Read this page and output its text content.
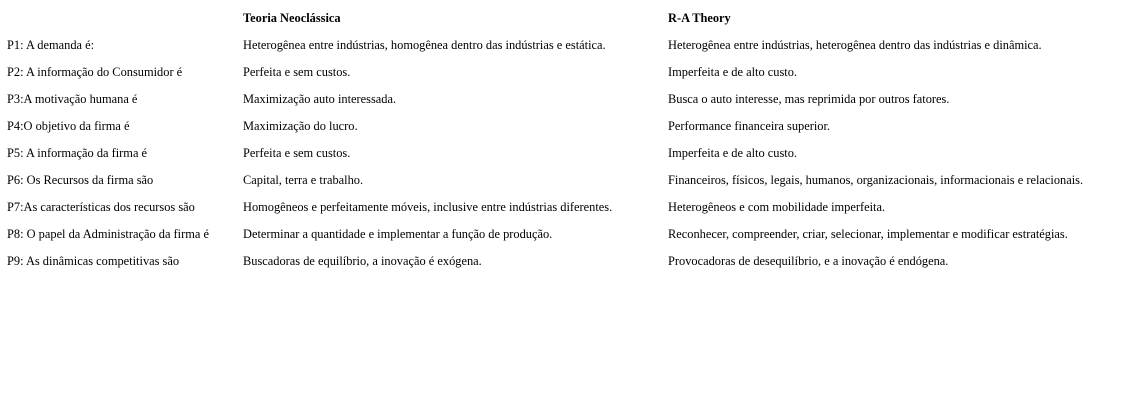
	Teoria Neoclássica	R-A Theory
P1: A demanda é:	Heterogênea entre indústrias, homogênea dentro das indústrias e estática.	Heterogênea entre indústrias, heterogênea dentro das indústrias e dinâmica.
P2: A informação do Consumidor é	Perfeita e sem custos.	Imperfeita e de alto custo.
P3:A motivação humana é	Maximização auto interessada.	Busca o auto interesse, mas reprimida por outros fatores.
P4:O objetivo da firma é	Maximização do lucro.	Performance financeira superior.
P5: A informação da firma é	Perfeita e sem custos.	Imperfeita e de alto custo.
P6: Os Recursos da firma são	Capital, terra e trabalho.	Financeiros, físicos, legais, humanos, organizacionais, informacionais e relacionais.
P7:As características dos recursos são	Homogêneos e perfeitamente móveis, inclusive entre indústrias diferentes.	Heterogêneos e com mobilidade imperfeita.
P8: O papel da Administração da firma é	Determinar a quantidade e implementar a função de produção.	Reconhecer, compreender, criar, selecionar, implementar e modificar estratégias.
P9: As dinâmicas competitivas são	Buscadoras de equilíbrio, a inovação é exógena.	Provocadoras de desequilíbrio, e a inovação é endógena.
